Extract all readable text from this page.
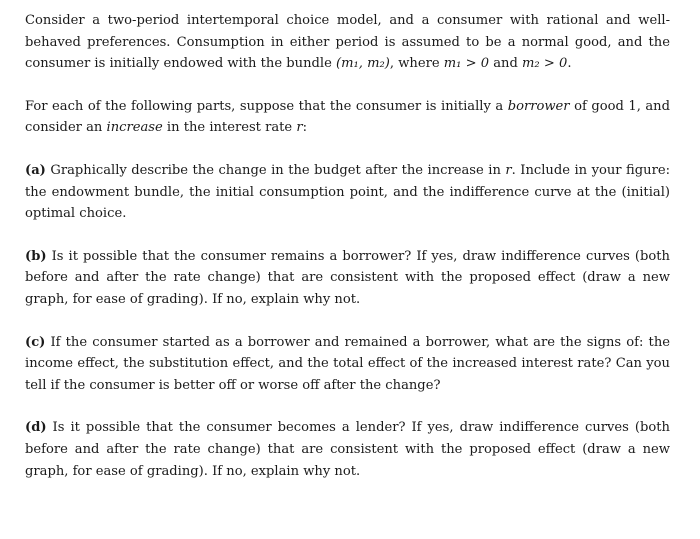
Consider a two-period intertemporal choice model, and a consumer with rational and well-behaved preferences. Consumption in either period is assumed to be a normal good, and the consumer is initially endowed with the bundle (m₁, m₂), where m₁ > 0 and m₂ > 0.

For each of the following parts, suppose that the consumer is initially a borrower of good 1, and consider an increase in the interest rate r:

(a) Graphically describe the change in the budget after the increase in r. Include in your figure: the endowment bundle, the initial consumption point, and the indifference curve at the (initial) optimal choice.

(b) Is it possible that the consumer remains a borrower? If yes, draw indifference curves (both before and after the rate change) that are consistent with the proposed effect (draw a new graph, for ease of grading). If no, explain why not.

(c) If the consumer started as a borrower and remained a borrower, what are the signs of: the income effect, the substitution effect, and the total effect of the increased interest rate? Can you tell if the consumer is better off or worse off after the change?

(d) Is it possible that the consumer becomes a lender? If yes, draw indifference curves (both before and after the rate change) that are consistent with the proposed effect (draw a new graph, for ease of grading). If no, explain why not.
